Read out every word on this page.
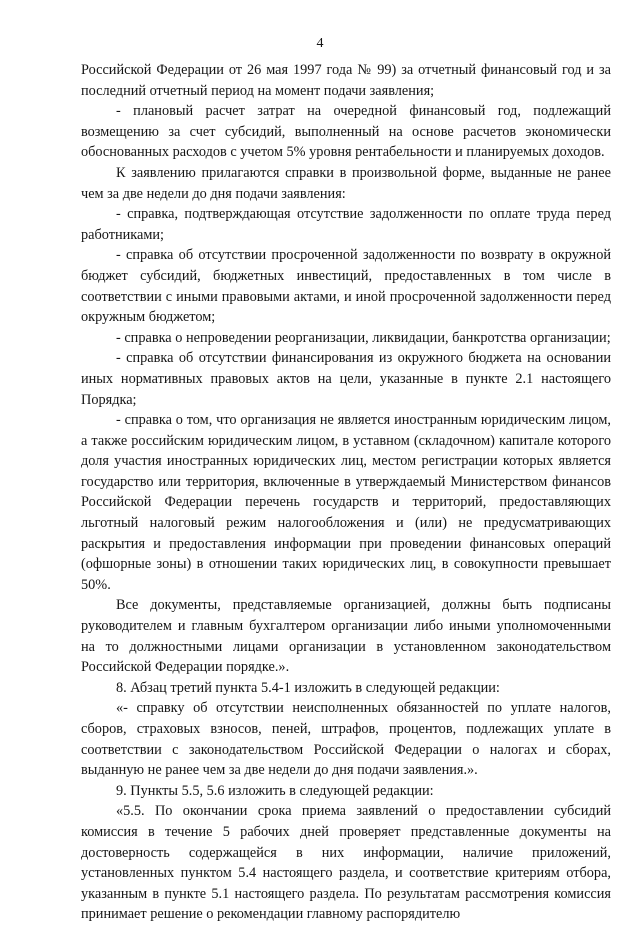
4

Российской Федерации от 26 мая 1997 года № 99) за отчетный финансовый год и за последний отчетный период на момент подачи заявления;

- плановый расчет затрат на очередной финансовый год, подлежащий возмещению за счет субсидий, выполненный на основе расчетов экономически обоснованных расходов с учетом 5% уровня рентабельности и планируемых доходов.

К заявлению прилагаются справки в произвольной форме, выданные не ранее чем за две недели до дня подачи заявления:

- справка, подтверждающая отсутствие задолженности по оплате труда перед работниками;

- справка об отсутствии просроченной задолженности по возврату в окружной бюджет субсидий, бюджетных инвестиций, предоставленных в том числе в соответствии с иными правовыми актами, и иной просроченной задолженности перед окружным бюджетом;

- справка о непроведении реорганизации, ликвидации, банкротства организации;

- справка об отсутствии финансирования из окружного бюджета на основании иных нормативных правовых актов на цели, указанные в пункте 2.1 настоящего Порядка;

- справка о том, что организация не является иностранным юридическим лицом, а также российским юридическим лицом, в уставном (складочном) капитале которого доля участия иностранных юридических лиц, местом регистрации которых является государство или территория, включенные в утверждаемый Министерством финансов Российской Федерации перечень государств и территорий, предоставляющих льготный налоговый режим налогообложения и (или) не предусматривающих раскрытия и предоставления информации при проведении финансовых операций (офшорные зоны) в отношении таких юридических лиц, в совокупности превышает 50%.

Все документы, представляемые организацией, должны быть подписаны руководителем и главным бухгалтером организации либо иными уполномоченными на то должностными лицами организации в установленном законодательством Российской Федерации порядке.».

8. Абзац третий пункта 5.4-1 изложить в следующей редакции:

«- справку об отсутствии неисполненных обязанностей по уплате налогов, сборов, страховых взносов, пеней, штрафов, процентов, подлежащих уплате в соответствии с законодательством Российской Федерации о налогах и сборах, выданную не ранее чем за две недели до дня подачи заявления.».

9. Пункты 5.5, 5.6 изложить в следующей редакции:

«5.5. По окончании срока приема заявлений о предоставлении субсидий комиссия в течение 5 рабочих дней проверяет представленные документы на достоверность содержащейся в них информации, наличие приложений, установленных пунктом 5.4 настоящего раздела, и соответствие критериям отбора, указанным в пункте 5.1 настоящего раздела. По результатам рассмотрения комиссия принимает решение о рекомендации главному распорядителю
